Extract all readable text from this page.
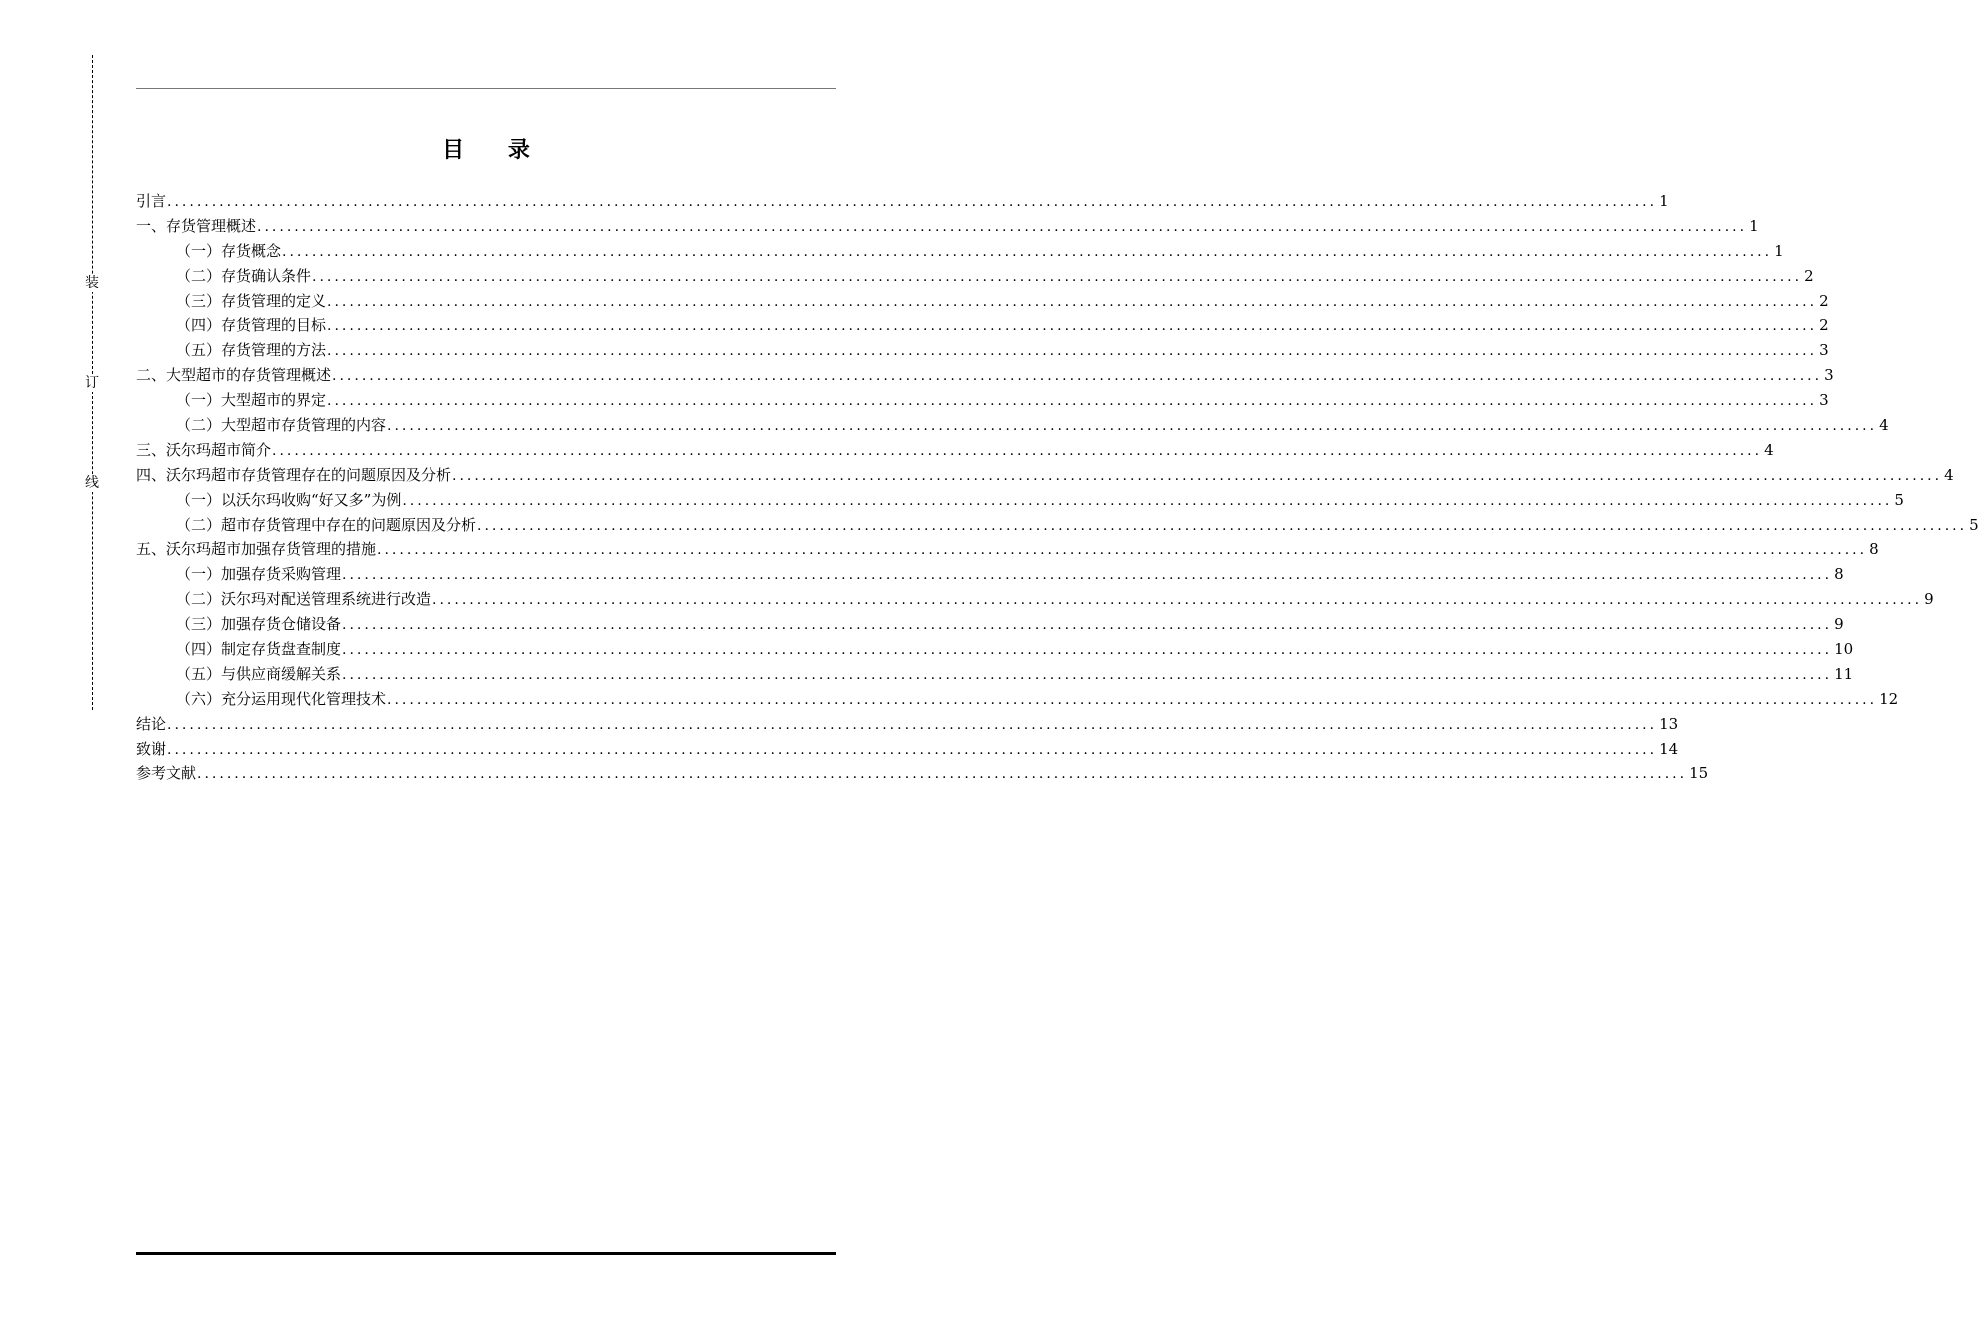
装
订
线
目 录
引言 ........................................................................................................................................................................................................ 1
一、存货管理概述 ........................................................................................................................................................................................................ 1
（一）存货概念 ........................................................................................................................................................................................................ 1
（二）存货确认条件 ........................................................................................................................................................................................................ 2
（三）存货管理的定义 ........................................................................................................................................................................................................ 2
（四）存货管理的目标 ........................................................................................................................................................................................................ 2
（五）存货管理的方法 ........................................................................................................................................................................................................ 3
二、大型超市的存货管理概述 ........................................................................................................................................................................................................ 3
（一）大型超市的界定 ........................................................................................................................................................................................................ 3
（二）大型超市存货管理的内容 ........................................................................................................................................................................................................ 4
三、沃尔玛超市简介 ........................................................................................................................................................................................................ 4
四、沃尔玛超市存货管理存在的问题原因及分析 ........................................................................................................................................................................................................ 4
（一）以沃尔玛收购“好又多”为例 ........................................................................................................................................................................................................ 5
（二）超市存货管理中存在的问题原因及分析 ........................................................................................................................................................................................................ 5
五、沃尔玛超市加强存货管理的措施 ........................................................................................................................................................................................................ 8
（一）加强存货采购管理 ........................................................................................................................................................................................................ 8
（二）沃尔玛对配送管理系统进行改造 ........................................................................................................................................................................................................ 9
（三）加强存货仓储设备 ........................................................................................................................................................................................................ 9
（四）制定存货盘查制度 ........................................................................................................................................................................................................ 10
（五）与供应商缓解关系 ........................................................................................................................................................................................................ 11
（六）充分运用现代化管理技术 ........................................................................................................................................................................................................ 12
结论 ........................................................................................................................................................................................................ 13
致谢 ........................................................................................................................................................................................................ 14
参考文献 ........................................................................................................................................................................................................ 15
